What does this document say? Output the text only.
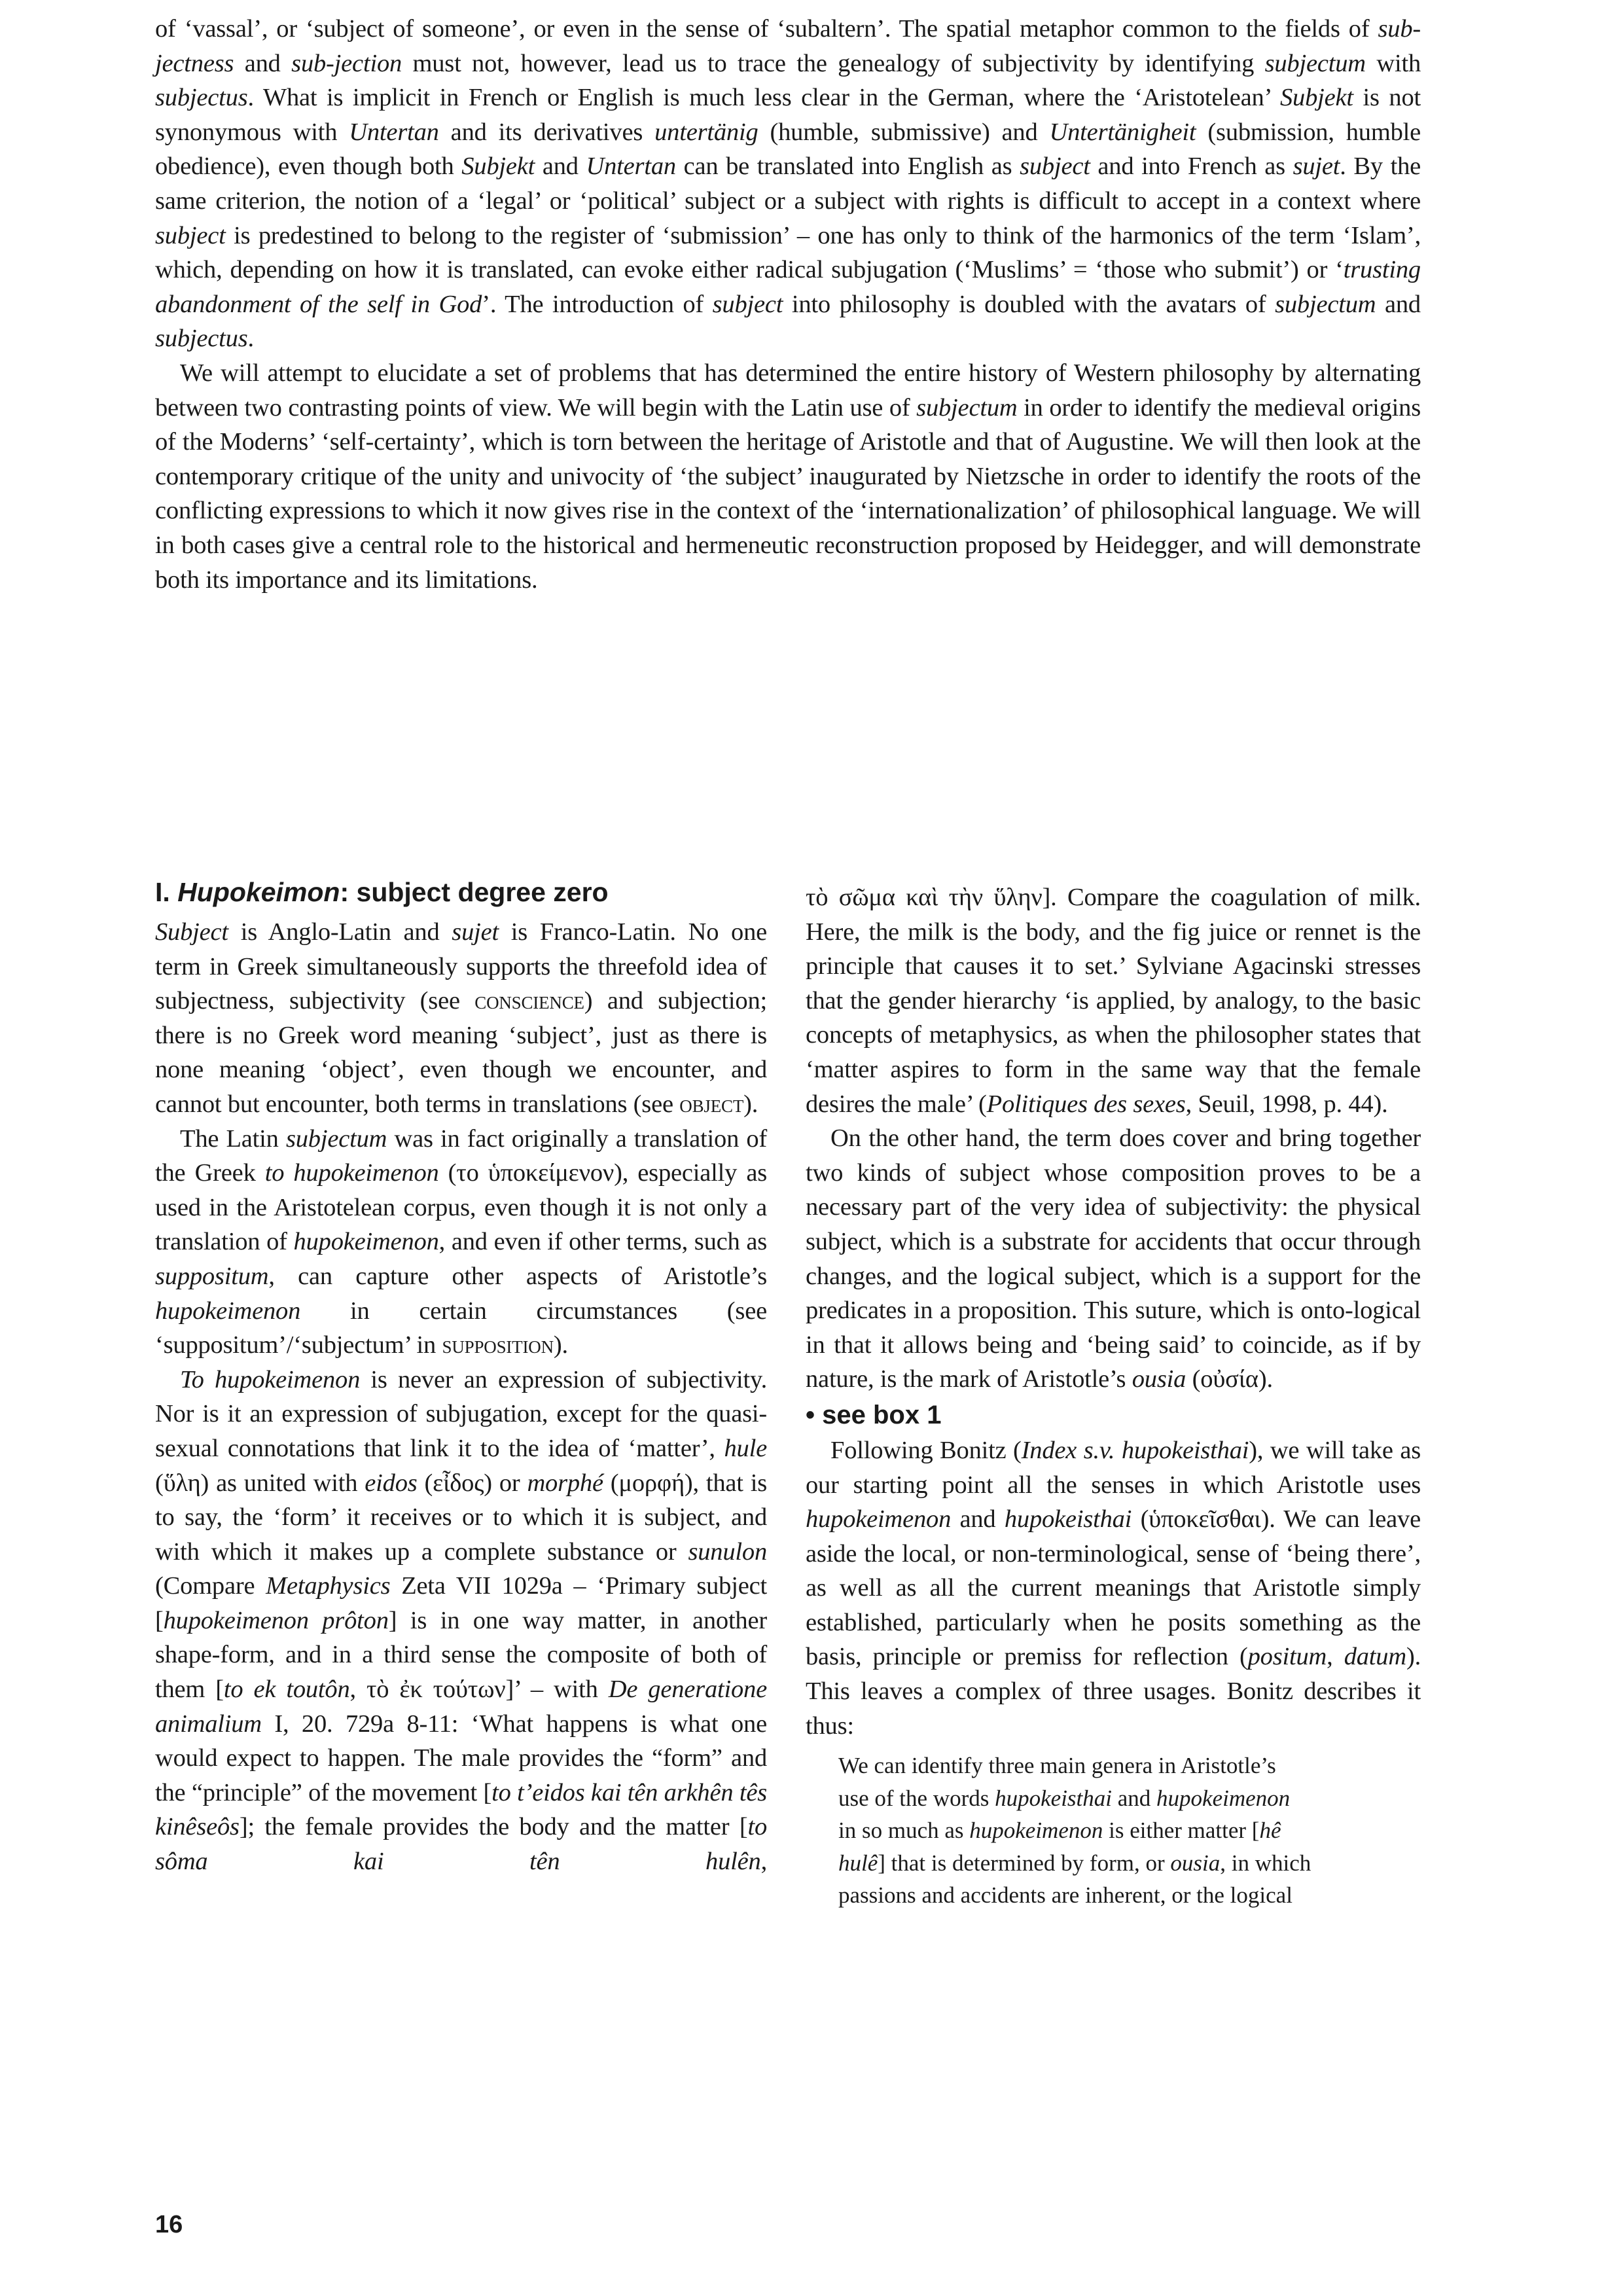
of ‘vassal’, or ‘subject of someone’, or even in the sense of ‘subaltern’. The spatial metaphor common to the fields of sub-jectness and sub-jection must not, however, lead us to trace the genealogy of subjectivity by identifying subjectum with subjectus. What is implicit in French or English is much less clear in the German, where the ‘Aristotelean’ Subjekt is not synonymous with Untertan and its derivatives untertänig (humble, submissive) and Untertänigheit (submission, humble obedience), even though both Subjekt and Untertan can be translated into English as subject and into French as sujet. By the same criterion, the notion of a ‘legal’ or ‘political’ subject or a subject with rights is difficult to accept in a context where subject is predestined to belong to the register of ‘submission’ – one has only to think of the harmonics of the term ‘Islam’, which, depending on how it is translated, can evoke either radical subjugation (‘Muslims’ = ‘those who submit’) or ‘trusting abandonment of the self in God’. The introduction of subject into philosophy is doubled with the avatars of subjectum and subjectus.

We will attempt to elucidate a set of problems that has determined the entire history of Western philosophy by alternating between two contrasting points of view. We will begin with the Latin use of subjectum in order to identify the medieval origins of the Moderns’ ‘self-certainty’, which is torn between the heritage of Aristotle and that of Augustine. We will then look at the contemporary critique of the unity and univocity of ‘the subject’ inaugurated by Nietzsche in order to identify the roots of the conflicting expressions to which it now gives rise in the context of the ‘internationalization’ of philosophical language. We will in both cases give a central role to the historical and hermeneutic reconstruction proposed by Heidegger, and will demonstrate both its importance and its limitations.

I. Hupokeimon: subject degree zero

Subject is Anglo-Latin and sujet is Franco-Latin. No one term in Greek simultaneously supports the threefold idea of subjectness, subjectivity (see conscience) and subjection; there is no Greek word meaning ‘subject’, just as there is none meaning ‘object’, even though we encounter, and cannot but encounter, both terms in translations (see object).

The Latin subjectum was in fact originally a translation of the Greek to hupokeimenon (το ὑποκείμενον), especially as used in the Aristotelean corpus, even though it is not only a translation of hupokeimenon, and even if other terms, such as suppositum, can capture other aspects of Aristotle’s hupokeimenon in certain circumstances (see ‘suppositum’/‘subjectum’ in supposition).

To hupokeimenon is never an expression of subjectivity. Nor is it an expression of subjugation, except for the quasi-sexual connotations that link it to the idea of ‘matter’, hule (ὕλη) as united with eidos (εἶδος) or morphé (μορφή), that is to say, the ‘form’ it receives or to which it is subject, and with which it makes up a complete substance or sunulon (Compare Metaphysics Zeta VII 1029a – ‘Primary subject [hupokeimenon prôton] is in one way matter, in another shape-form, and in a third sense the composite of both of them [to ek toutôn, τὸ ἐκ τούτων]’ – with De generatione animalium I, 20. 729a 8-11: ‘What happens is what one would expect to happen. The male provides the “form” and the “principle” of the movement [to t’eidos kai tên arkhên tês kinêseôs]; the female provides the body and the matter [to sôma kai tên hulên,

τὸ σῶμα καὶ τὴν ὕλην]. Compare the coagulation of milk. Here, the milk is the body, and the fig juice or rennet is the principle that causes it to set.’ Sylviane Agacinski stresses that the gender hierarchy ‘is applied, by analogy, to the basic concepts of metaphysics, as when the philosopher states that ‘matter aspires to form in the same way that the female desires the male’ (Politiques des sexes, Seuil, 1998, p. 44).

On the other hand, the term does cover and bring together two kinds of subject whose composition proves to be a necessary part of the very idea of subjectivity: the physical subject, which is a substrate for accidents that occur through changes, and the logical subject, which is a support for the predicates in a proposition. This suture, which is onto-logical in that it allows being and ‘being said’ to coincide, as if by nature, is the mark of Aristotle’s ousia (οὐσία).

• see box 1

Following Bonitz (Index s.v. hupokeisthai), we will take as our starting point all the senses in which Aristotle uses hupokeimenon and hupokeisthai (ὑποκεῖσθαι). We can leave aside the local, or non-terminological, sense of ‘being there’, as well as all the current meanings that Aristotle simply established, particularly when he posits something as the basis, principle or premiss for reflection (positum, datum). This leaves a complex of three usages. Bonitz describes it thus:

We can identify three main genera in Aristotle’s
use of the words hupokeisthai and hupokeimenon
in so much as hupokeimenon is either matter [hê
hulê] that is determined by form, or ousia, in which
passions and accidents are inherent, or the logical

16
